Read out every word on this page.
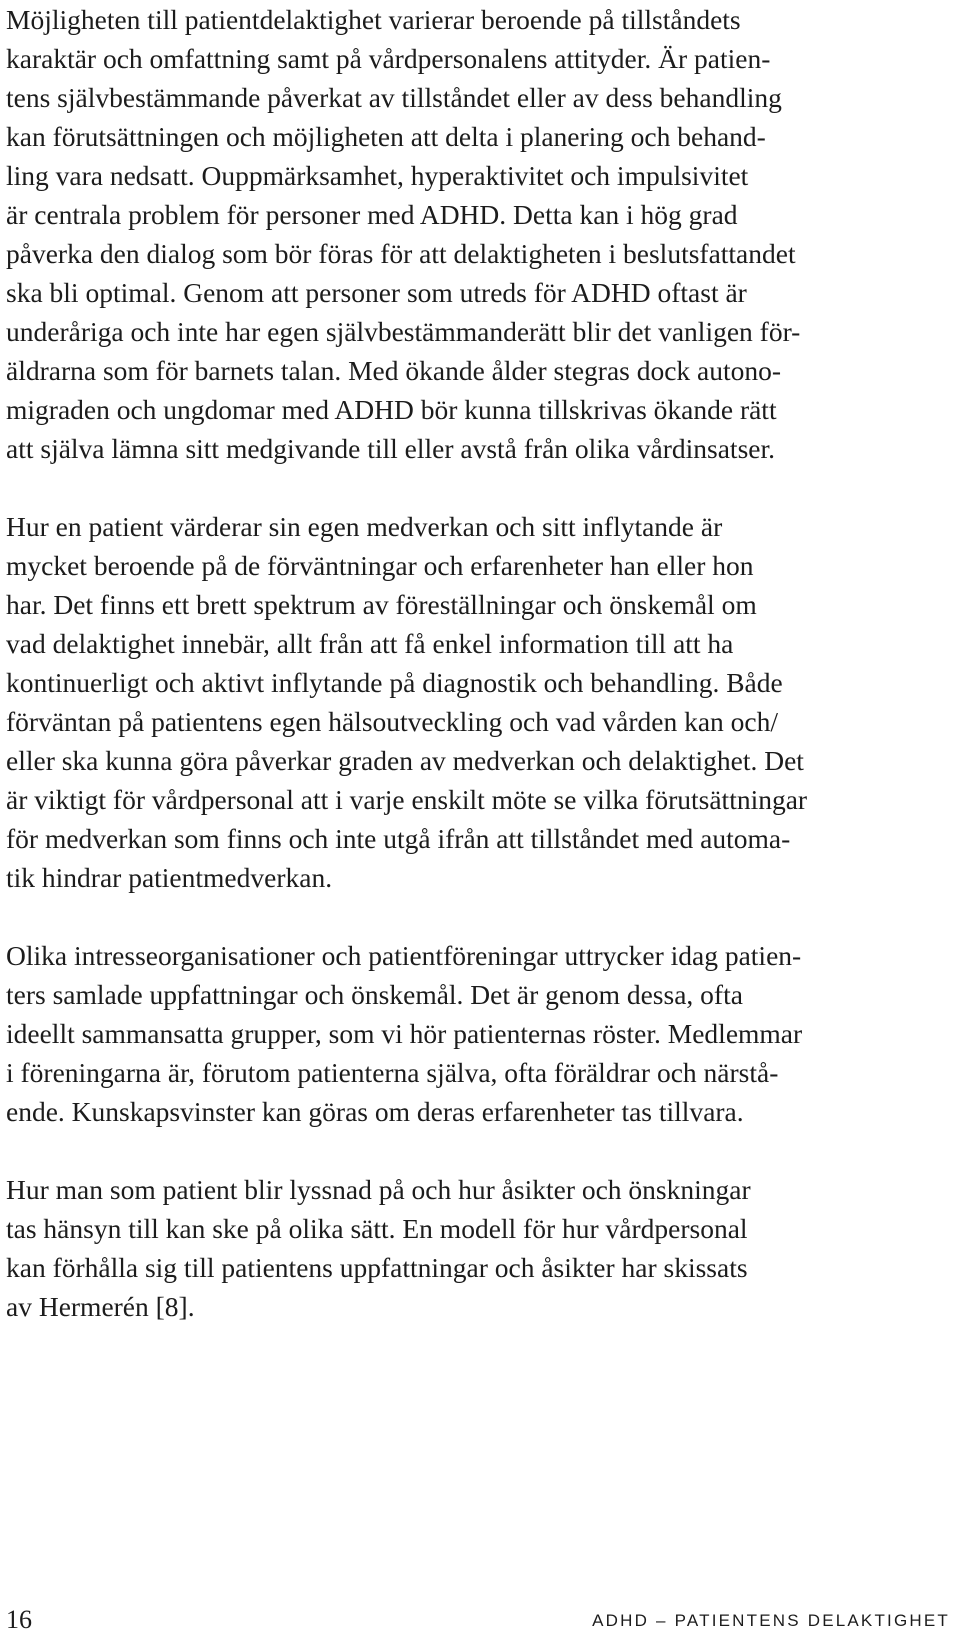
Möjligheten till patientdelaktighet varierar beroende på tillståndets
karaktär och omfattning samt på vårdpersonalens attityder. Är patien-
tens självbestämmande påverkat av tillståndet eller av dess behandling
kan förutsättningen och möjligheten att delta i planering och behand-
ling vara nedsatt. Ouppmärksamhet, hyperaktivitet och impulsivitet
är centrala problem för personer med ADHD. Detta kan i hög grad
påverka den dialog som bör föras för att delaktigheten i beslutsfattandet
ska bli optimal. Genom att personer som utreds för ADHD oftast är
underåriga och inte har egen självbestämmanderätt blir det vanligen för-
äldrarna som för barnets talan. Med ökande ålder stegras dock autono-
migraden och ungdomar med ADHD bör kunna tillskrivas ökande rätt
att själva lämna sitt medgivande till eller avstå från olika vårdinsatser.

Hur en patient värderar sin egen medverkan och sitt inflytande är
mycket beroende på de förväntningar och erfarenheter han eller hon
har. Det finns ett brett spektrum av föreställningar och önskemål om
vad delaktighet innebär, allt från att få enkel information till att ha
kontinuerligt och aktivt inflytande på diagnostik och behandling. Både
förväntan på patientens egen hälsoutveckling och vad vården kan och/
eller ska kunna göra påverkar graden av medverkan och delaktighet. Det
är viktigt för vårdpersonal att i varje enskilt möte se vilka förutsättningar
för medverkan som finns och inte utgå ifrån att tillståndet med automa-
tik hindrar patientmedverkan.

Olika intresseorganisationer och patientföreningar uttrycker idag patien-
ters samlade uppfattningar och önskemål. Det är genom dessa, ofta
ideellt sammansatta grupper, som vi hör patienternas röster. Medlemmar
i föreningarna är, förutom patienterna själva, ofta föräldrar och närstå-
ende. Kunskapsvinster kan göras om deras erfarenheter tas tillvara.

Hur man som patient blir lyssnad på och hur åsikter och önskningar
tas hänsyn till kan ske på olika sätt. En modell för hur vårdpersonal
kan förhålla sig till patientens uppfattningar och åsikter har skissats
av Hermerén [8].

16	ADHD – PATIENTENS DELAKTIGHET
